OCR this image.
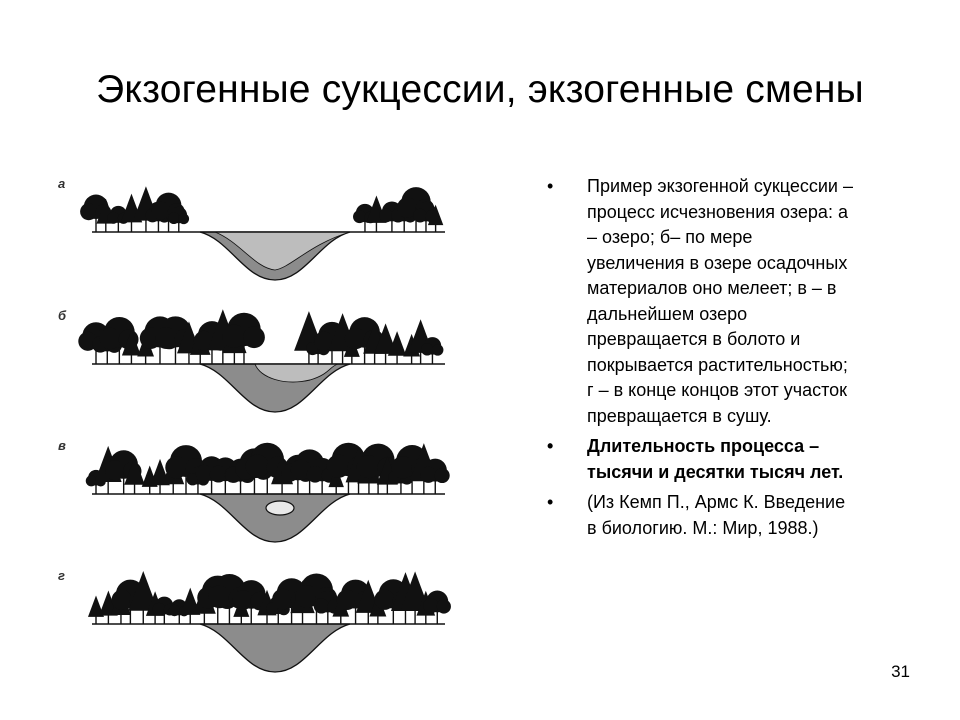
Экзогенные сукцессии, экзогенные смены
а
б
в
г
• Пример экзогенной сукцессии –
процесс исчезновения озера: а
– озеро; б– по мере
увеличения в озере осадочных
материалов оно мелеет; в – в
дальнейшем озеро
превращается в болото и
покрывается растительностью;
г – в конце концов этот участок
превращается в сушу.
• Длительность процесса –
тысячи и десятки тысяч лет.
• (Из Кемп П., Армс К. Введение
в биологию. М.: Мир, 1988.)
31
